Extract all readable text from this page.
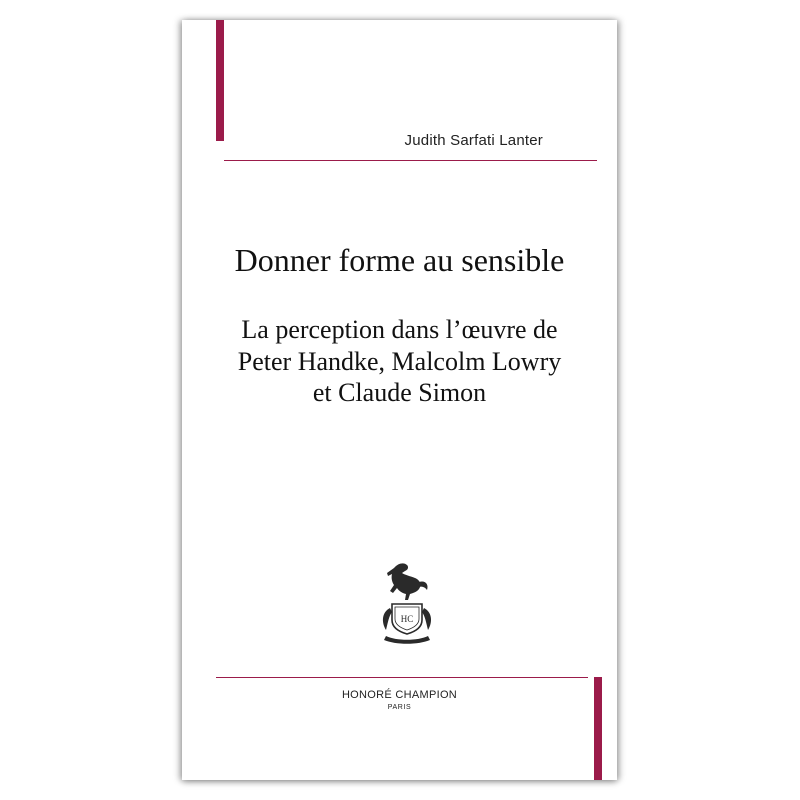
Judith Sarfati Lanter
Donner forme au sensible
La perception dans l’œuvre de
Peter Handke, Malcolm Lowry
et Claude Simon
HC
HONORÉ CHAMPION
PARIS
